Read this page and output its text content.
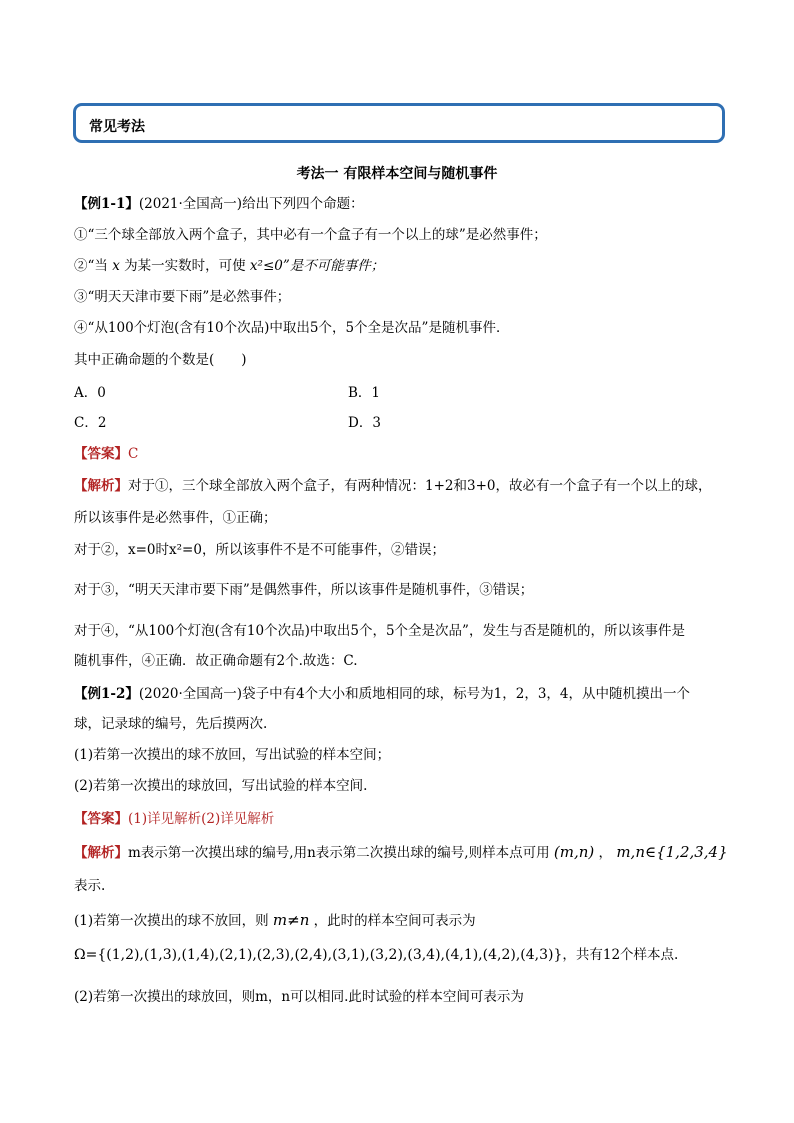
常见考法
考法一 有限样本空间与随机事件
【例1-1】(2021·全国高一)给出下列四个命题：
①“三个球全部放入两个盒子，其中必有一个盒子有一个以上的球”是必然事件；
②“当 x 为某一实数时，可使 x²≤0”是不可能事件；
③“明天天津市要下雨”是必然事件；
④“从100个灯泡(含有10个次品)中取出5个，5个全是次品”是随机事件．
其中正确命题的个数是(　　)
A．0	B．1
C．2	D．3
【答案】C
【解析】对于①，三个球全部放入两个盒子，有两种情况：1+2和3+0，故必有一个盒子有一个以上的球，
所以该事件是必然事件，①正确；
对于②，x=0时x²=0，所以该事件不是不可能事件，②错误；
对于③，“明天天津市要下雨”是偶然事件，所以该事件是随机事件，③错误；
对于④，“从100个灯泡(含有10个次品)中取出5个，5个全是次品”，发生与否是随机的，所以该事件是
随机事件，④正确．故正确命题有2个.故选：C.
【例1-2】(2020·全国高一)袋子中有4个大小和质地相同的球，标号为1，2，3，4，从中随机摸出一个
球，记录球的编号，先后摸两次.
(1)若第一次摸出的球不放回，写出试验的样本空间；
(2)若第一次摸出的球放回，写出试验的样本空间.
【答案】(1)详见解析(2)详见解析
【解析】m表示第一次摸出球的编号,用n表示第二次摸出球的编号,则样本点可用 (m,n) ， m,n∈{1,2,3,4}
表示.
(1)若第一次摸出的球不放回，则 m≠n ，此时的样本空间可表示为
Ω={(1,2),(1,3),(1,4),(2,1),(2,3),(2,4),(3,1),(3,2),(3,4),(4,1),(4,2),(4,3)}，共有12个样本点.
(2)若第一次摸出的球放回，则m，n可以相同.此时试验的样本空间可表示为
